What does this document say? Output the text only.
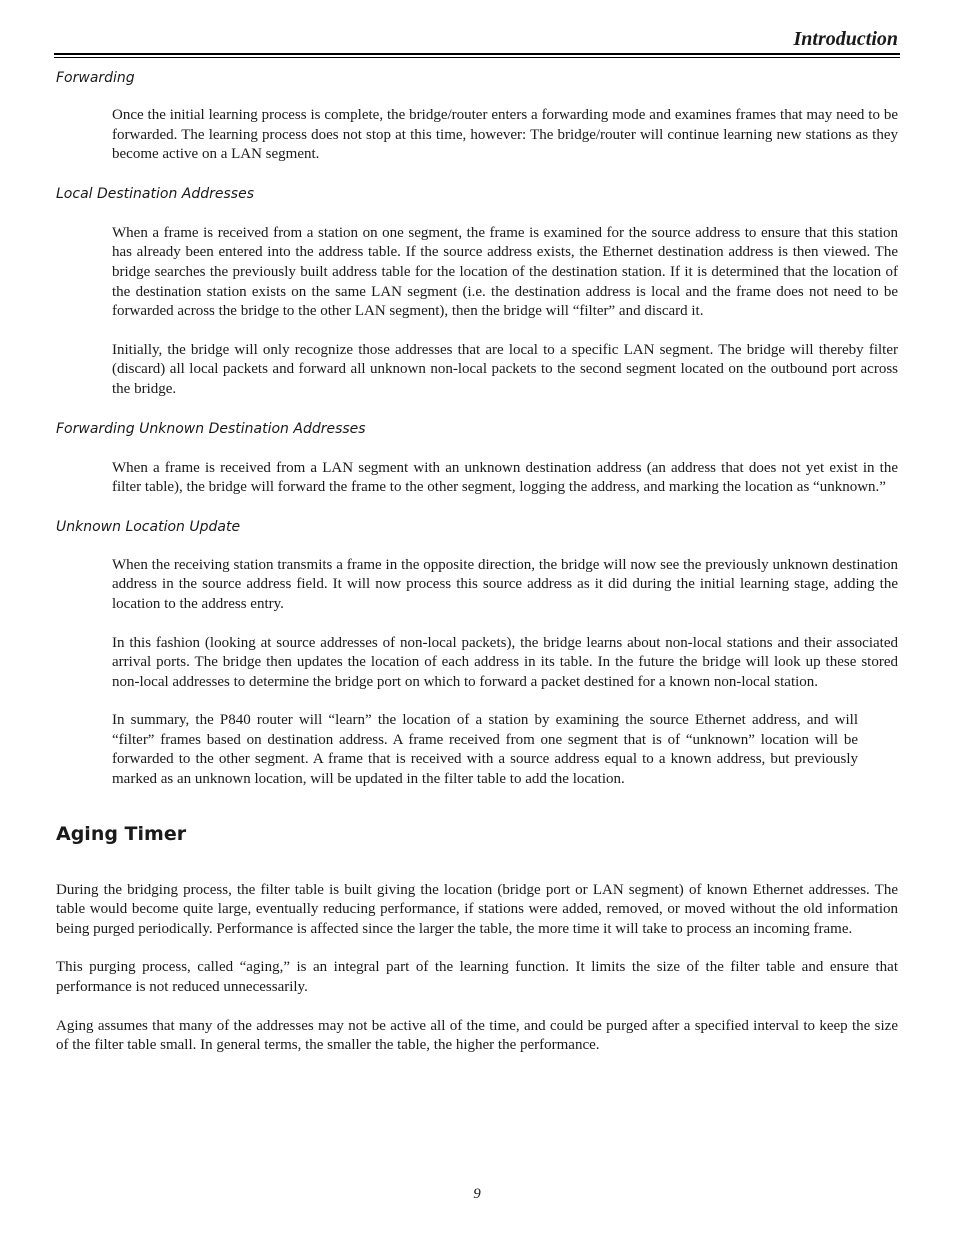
Introduction

Forwarding

Once the initial learning process is complete, the bridge/router enters a forwarding mode and examines frames that may need to be forwarded. The learning process does not stop at this time, however: The bridge/router will continue learning new stations as they become active on a LAN segment.

Local Destination Addresses

When a frame is received from a station on one segment, the frame is examined for the source address to ensure that this station has already been entered into the address table. If the source address exists, the Ethernet destination address is then viewed. The bridge searches the previously built address table for the location of the destination station. If it is determined that the location of the destination station exists on the same LAN segment (i.e. the destination address is local and the frame does not need to be forwarded across the bridge to the other LAN segment), then the bridge will “filter” and discard it.

Initially, the bridge will only recognize those addresses that are local to a specific LAN segment. The bridge will thereby filter (discard) all local packets and forward all unknown non-local packets to the second segment located on the outbound port across the bridge.

Forwarding Unknown Destination Addresses

When a frame is received from a LAN segment with an unknown destination address (an address that does not yet exist in the filter table), the bridge will forward the frame to the other segment, logging the address, and marking the location as “unknown.”

Unknown Location Update

When the receiving station transmits a frame in the opposite direction, the bridge will now see the previously unknown destination address in the source address field. It will now process this source address as it did during the initial learning stage, adding the location to the address entry.

In this fashion (looking at source addresses of non-local packets), the bridge learns about non-local stations and their associated arrival ports. The bridge then updates the location of each address in its table. In the future the bridge will look up these stored non-local addresses to determine the bridge port on which to forward a packet destined for a known non-local station.

In summary, the P840 router will “learn” the location of a station by examining the source Ethernet address, and will “filter” frames based on destination address. A frame received from one segment that is of “unknown” location will be forwarded to the other segment. A frame that is received with a source address equal to a known address, but previously marked as an unknown location, will be updated in the filter table to add the location.

Aging Timer

During the bridging process, the filter table is built giving the location (bridge port or LAN segment) of known Ethernet addresses. The table would become quite large, eventually reducing performance, if stations were added, removed, or moved without the old information being purged periodically. Performance is affected since the larger the table, the more time it will take to process an incoming frame.

This purging process, called “aging,” is an integral part of the learning function. It limits the size of the filter table and ensure that performance is not reduced unnecessarily.

Aging assumes that many of the addresses may not be active all of the time, and could be purged after a specified interval to keep the size of the filter table small. In general terms, the smaller the table, the higher the performance.

9
